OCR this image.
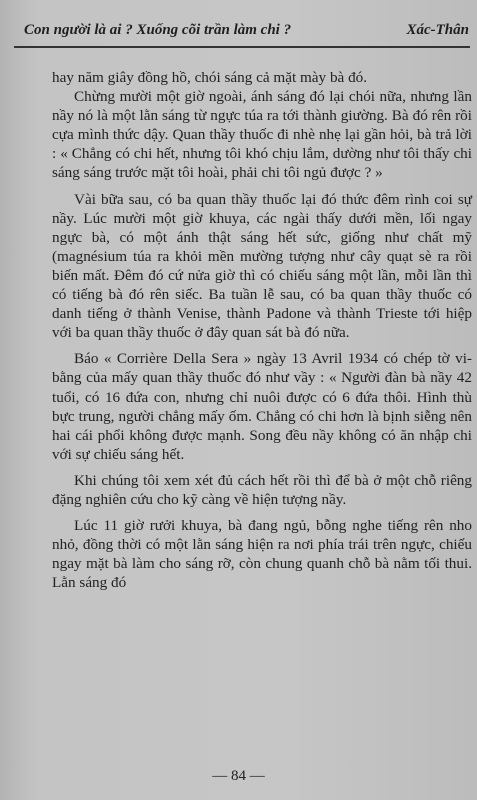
Con người là ai ? Xuống cõi trần làm chi ?	Xác-Thân

hay năm giây đồng hồ, chói sáng cả mặt mày bà đó.

Chừng mười một giờ ngoài, ánh sáng đó lại chói nữa, nhưng lần nầy nó là một lằn sáng từ ngực túa ra tới thành giường. Bà đó rên rồi cựa mình thức dậy. Quan thầy thuốc đi nhè nhẹ lại gần hỏi, bà trả lời : « Chẳng có chi hết, nhưng tôi khó chịu lắm, dường như tôi thấy chi sáng sáng trước mặt tôi hoài, phải chi tôi ngủ được ? »

Vài bữa sau, có ba quan thầy thuốc lại đó thức đêm rình coi sự nầy. Lúc mười một giờ khuya, các ngài thấy dưới mền, lối ngay ngực bà, có một ánh thật sáng hết sức, giống như chất mỹ (magnésium túa ra khỏi mền mường tượng như cây quạt sè ra rồi biến mất. Đêm đó cứ nửa giờ thì có chiếu sáng một lần, mỗi lần thì có tiếng bà đó rên siếc. Ba tuần lễ sau, có ba quan thầy thuốc có danh tiếng ở thành Venise, thành Padone và thành Trieste tới hiệp với ba quan thầy thuốc ở đây quan sát bà đó nữa.

Báo « Corrière Della Sera » ngày 13 Avril 1934 có chép tờ vi-bằng của mấy quan thầy thuốc đó như vầy : « Người đàn bà nầy 42 tuổi, có 16 đứa con, nhưng chỉ nuôi được có 6 đứa thôi. Hình thù bực trung, người chẳng mấy ốm. Chẳng có chi hơn là bịnh siễng nên hai cái phổi không được mạnh. Song đều nầy không có ăn nhập chi với sự chiếu sáng hết.

Khi chúng tôi xem xét đủ cách hết rồi thì để bà ở một chỗ riêng đặng nghiên cứu cho kỹ càng về hiện tượng nầy.

Lúc 11 giờ rưởi khuya, bà đang ngủ, bỗng nghe tiếng rên nho nhỏ, đồng thời có một lằn sáng hiện ra nơi phía trái trên ngực, chiếu ngay mặt bà làm cho sáng rỡ, còn chung quanh chỗ bà nằm tối thui. Lằn sáng đó

— 84 —
